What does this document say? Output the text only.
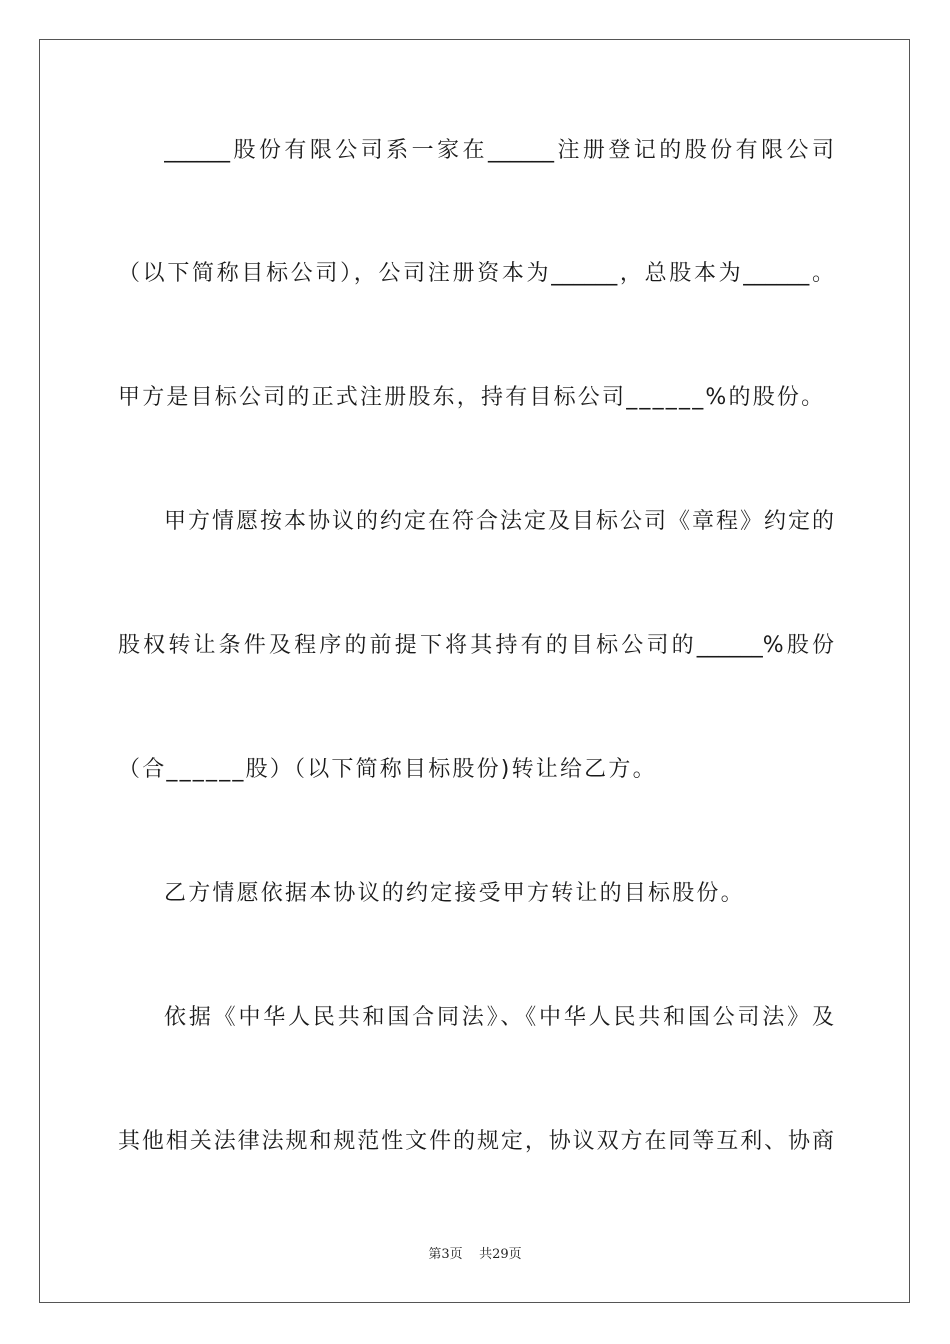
______股份有限公司系一家在______注册登记的股份有限公司
（以下简称目标公司），公司注册资本为______，总股本为______。
甲方是目标公司的正式注册股东，持有目标公司______%的股份。
甲方情愿按本协议的约定在符合法定及目标公司《章程》约定的
股权转让条件及程序的前提下将其持有的目标公司的______%股份
（合______股）（以下简称目标股份)转让给乙方。
乙方情愿依据本协议的约定接受甲方转让的目标股份。
依据《中华人民共和国合同法》、《中华人民共和国公司法》及
其他相关法律法规和规范性文件的规定，协议双方在同等互利、协商
第3页 共29页
